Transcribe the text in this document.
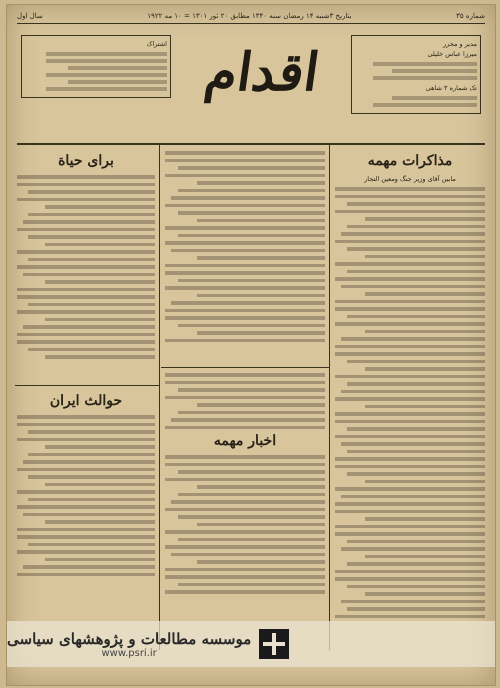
شماره ۳۵
بتاریخ ۳شنبه ۱۴ رمضان سنه ۱۳۴۰ مطابق ۲۰ ثور ۱۳۰۱ = ۱۰ مه ۱۹۲۲
سال اول
مدیر و محرر
میرزا عباس خلیلی
تک شماره ۳ شاهی
اقدام
اشتراک
مذاکرات مهمه
مابین آقای وزیر جنگ ومعین التجار
اخبار مهمه
برای حیاة
حوالث ایران
موسسه مطالعات و پژوهشهای سیاسی
www.psri.ir
